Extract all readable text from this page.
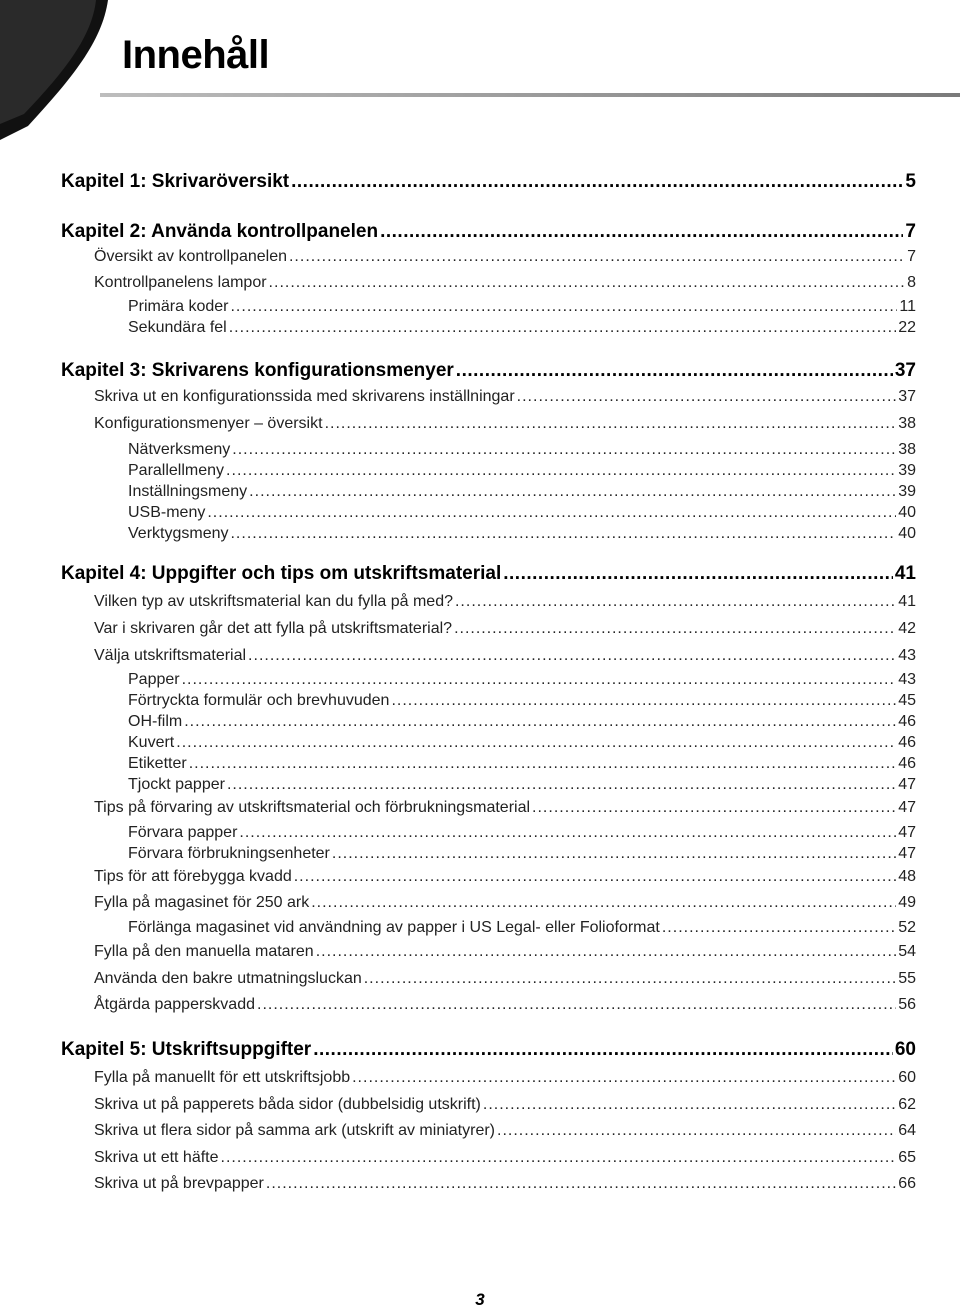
Innehåll
Kapitel 1: Skrivaröversikt .....	5
Kapitel 2: Använda kontrollpanelen .....	7
Översikt av kontrollpanelen .....	7
Kontrollpanelens lampor .....	8
Primära koder .....	11
Sekundära fel .....	22
Kapitel 3: Skrivarens konfigurationsmenyer .....	37
Skriva ut en konfigurationssida med skrivarens inställningar .....	37
Konfigurationsmenyer – översikt .....	38
Nätverksmeny .....	38
Parallellmeny .....	39
Inställningsmeny .....	39
USB-meny .....	40
Verktygsmeny .....	40
Kapitel 4: Uppgifter och tips om utskriftsmaterial .....	41
Vilken typ av utskriftsmaterial kan du fylla på med? .....	41
Var i skrivaren går det att fylla på utskriftsmaterial? .....	42
Välja utskriftsmaterial .....	43
Papper .....	43
Förtryckta formulär och brevhuvuden .....	45
OH-film .....	46
Kuvert .....	46
Etiketter .....	46
Tjockt papper .....	47
Tips på förvaring av utskriftsmaterial och förbrukningsmaterial .....	47
Förvara papper .....	47
Förvara förbrukningsenheter .....	47
Tips för att förebygga kvadd .....	48
Fylla på magasinet för 250 ark .....	49
Förlänga magasinet vid användning av papper i US Legal- eller Folioformat .....	52
Fylla på den manuella mataren .....	54
Använda den bakre utmatningsluckan .....	55
Åtgärda papperskvadd .....	56
Kapitel 5: Utskriftsuppgifter .....	60
Fylla på manuellt för ett utskriftsjobb .....	60
Skriva ut på papperets båda sidor (dubbelsidig utskrift) .....	62
Skriva ut flera sidor på samma ark (utskrift av miniatyrer) .....	64
Skriva ut ett häfte .....	65
Skriva ut på brevpapper .....	66
3
